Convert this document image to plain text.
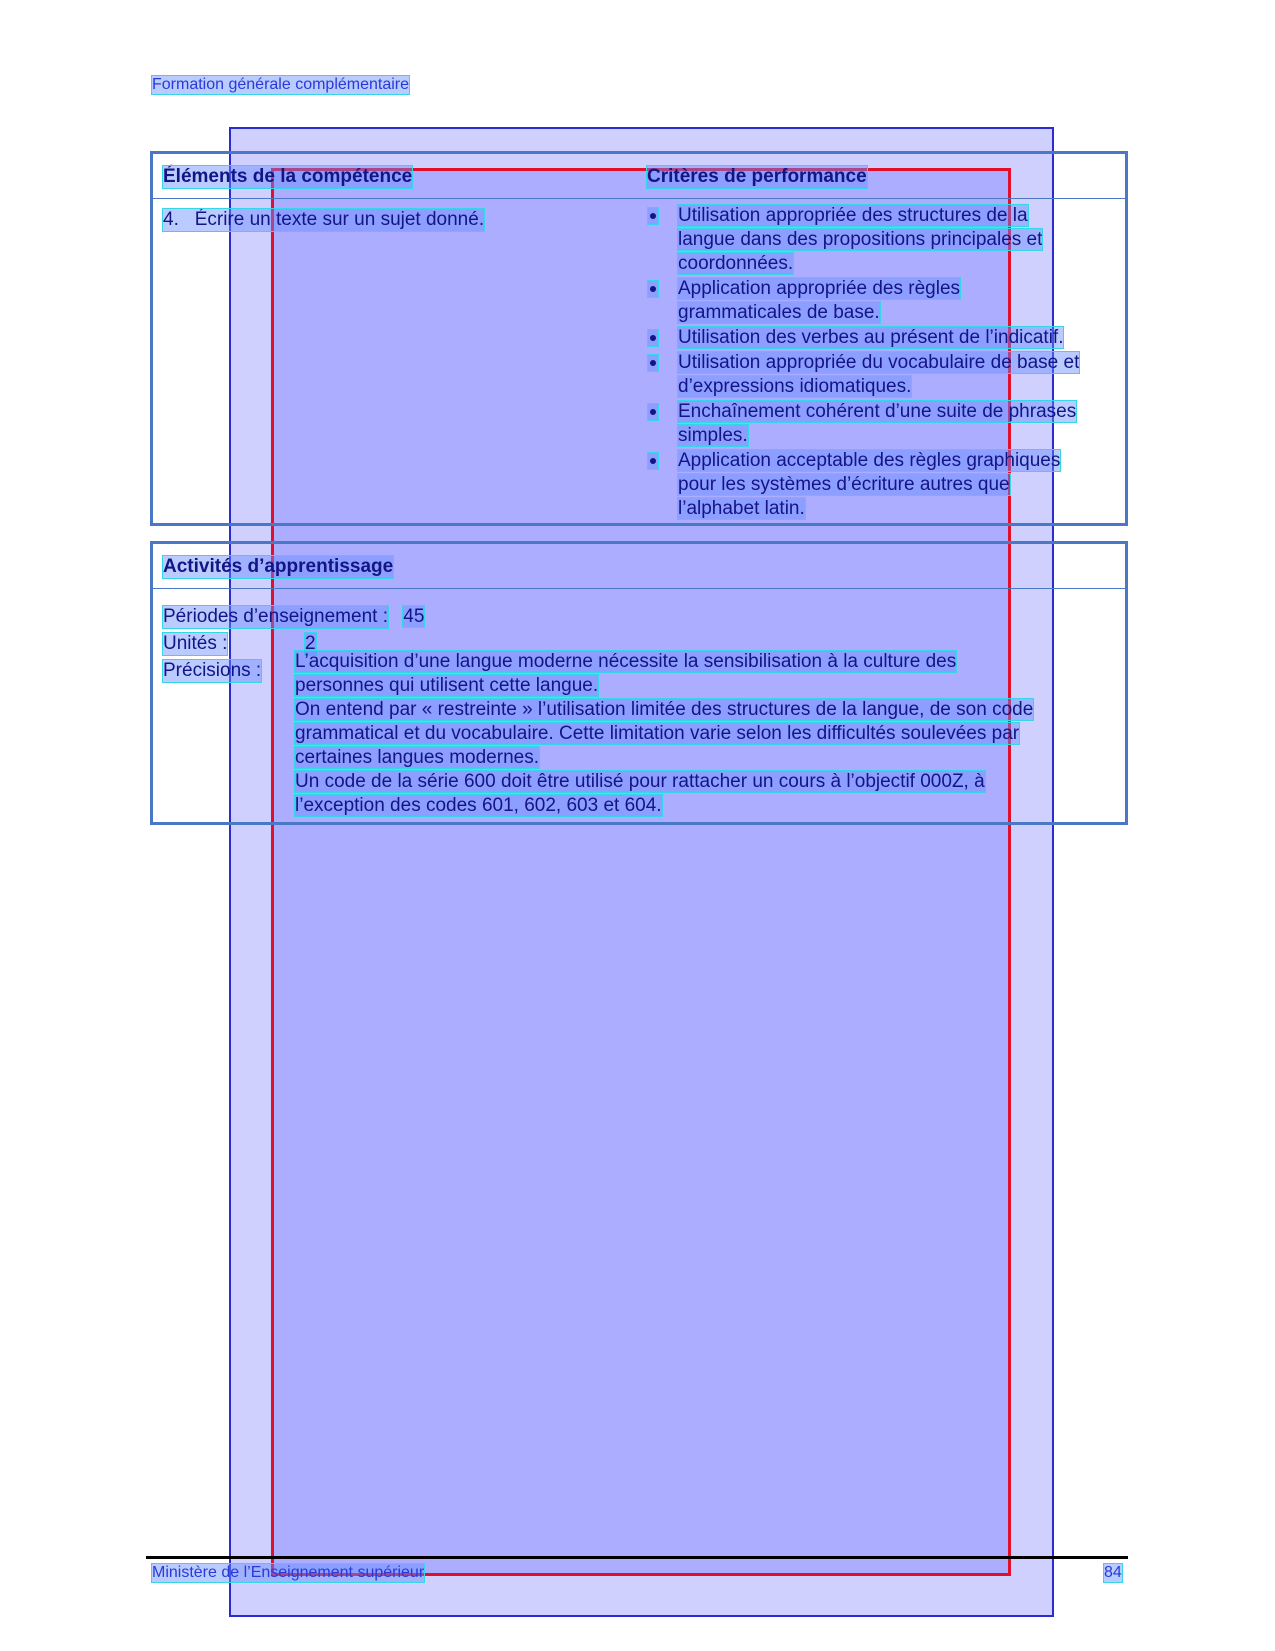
Formation générale complémentaire
Éléments de la compétence	Critères de performance
4. Écrire un texte sur un sujet donné.	Utilisation appropriée des structures de la
langue dans des propositions principales et
coordonnées.
Application appropriée des règles
grammaticales de base.
Utilisation des verbes au présent de l’indicatif.
Utilisation appropriée du vocabulaire de base et
d’expressions idiomatiques.
Enchaînement cohérent d’une suite de phrases
simples.
Application acceptable des règles graphiques
pour les systèmes d’écriture autres que
l’alphabet latin.
Activités d’apprentissage
Périodes d’enseignement : 45
Unités :	2
Précisions : L’acquisition d’une langue moderne nécessite la sensibilisation à la culture des
personnes qui utilisent cette langue.
On entend par « restreinte » l’utilisation limitée des structures de la langue, de son code
grammatical et du vocabulaire. Cette limitation varie selon les difficultés soulevées par
certaines langues modernes.
Un code de la série 600 doit être utilisé pour rattacher un cours à l’objectif 000Z, à
l’exception des codes 601, 602, 603 et 604.
Ministère de l’Enseignement supérieur	84
